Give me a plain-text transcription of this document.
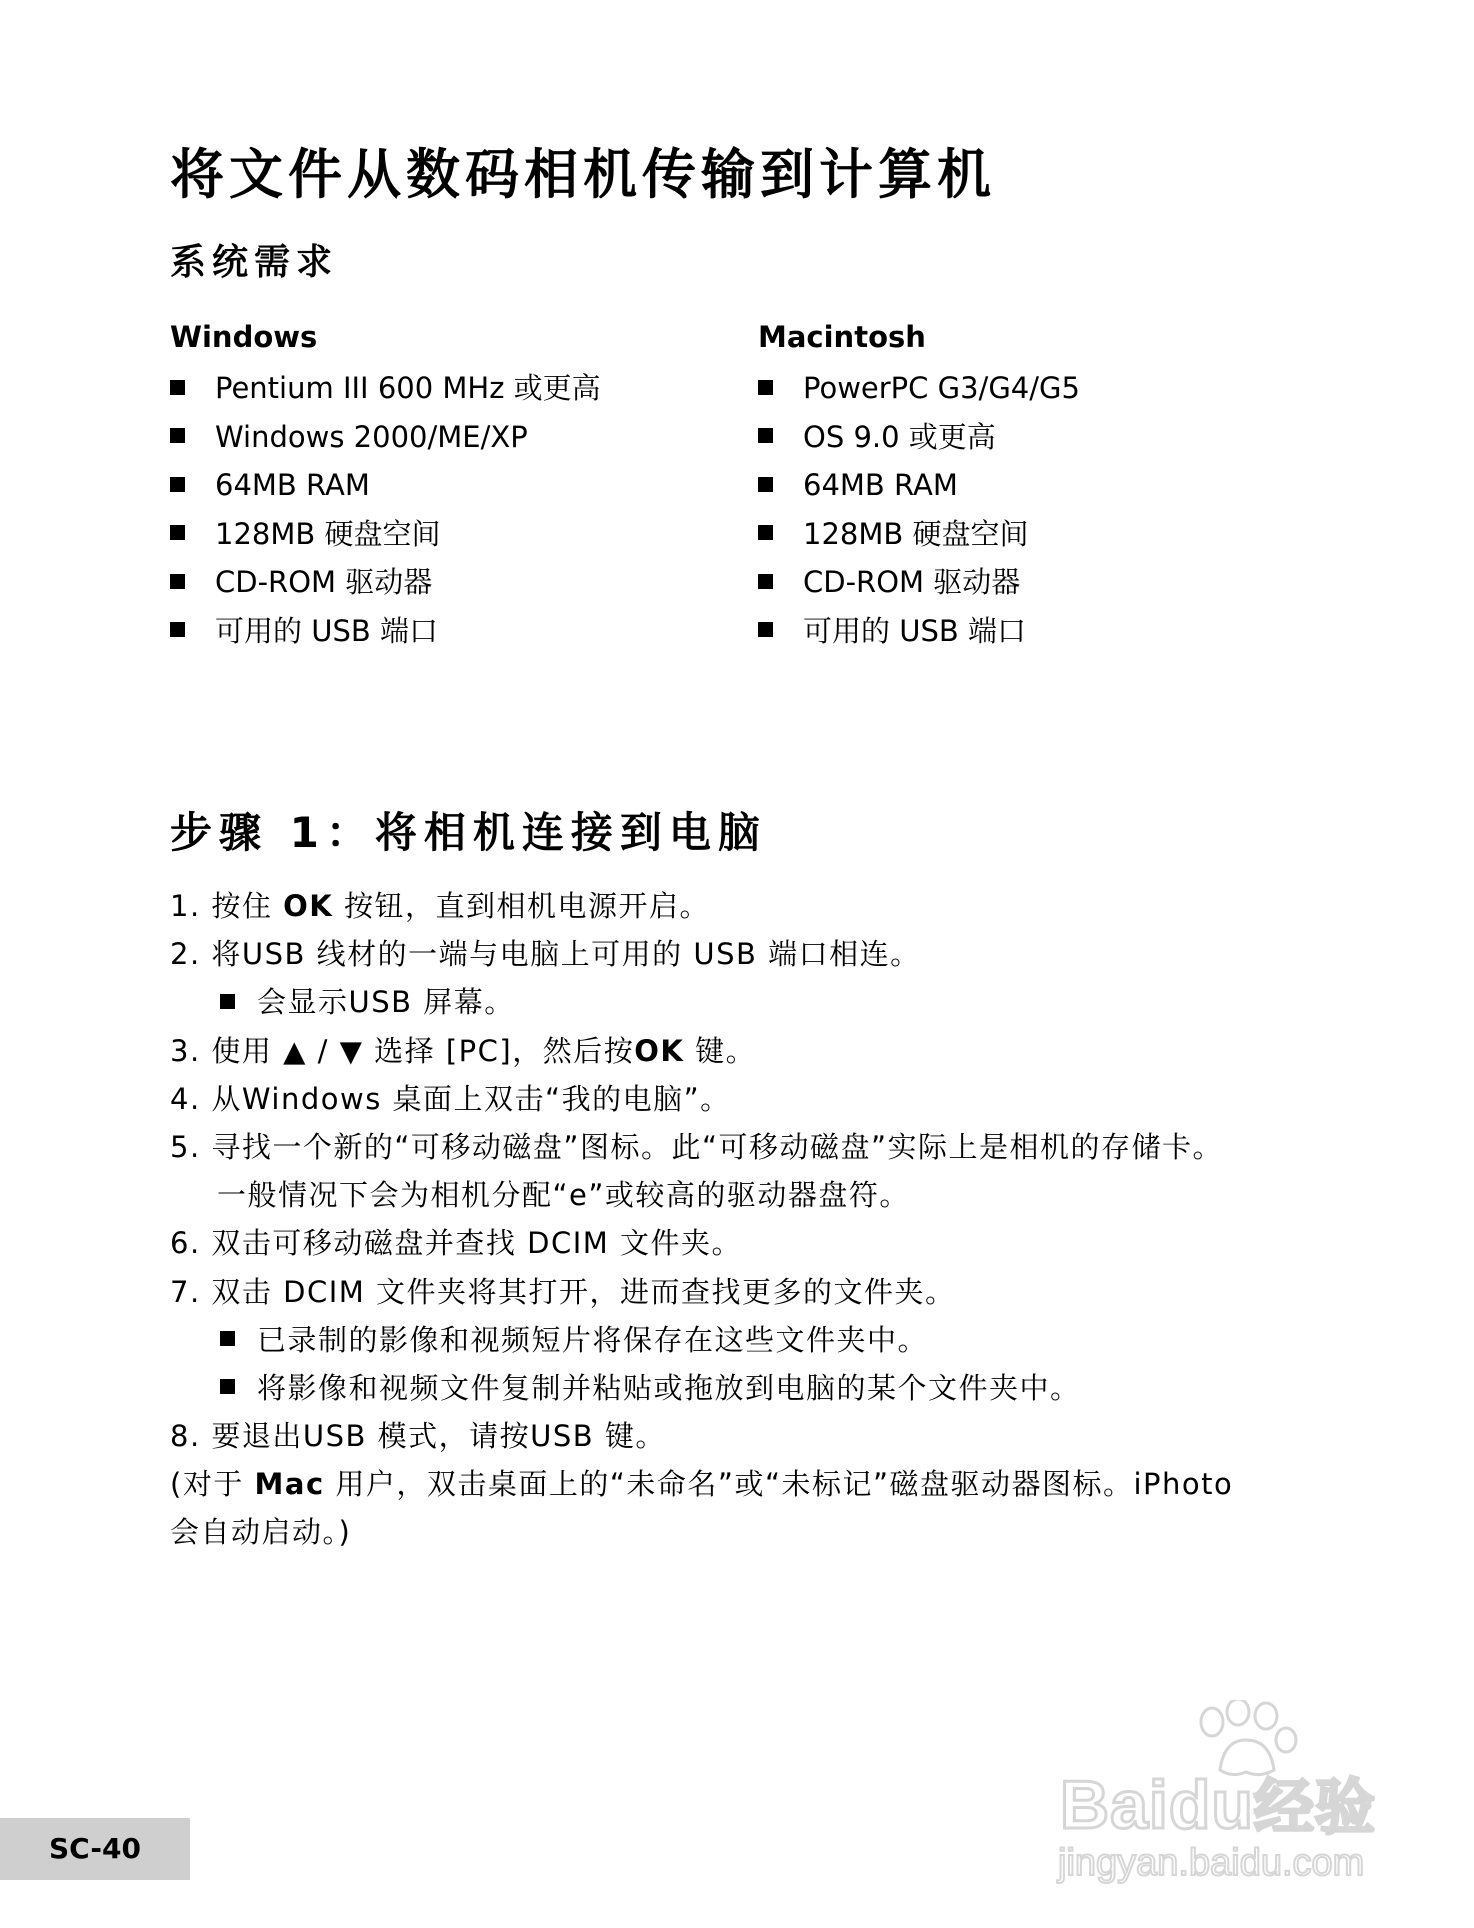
将文件从数码相机传输到计算机
系统需求
Windows
Pentium III 600 MHz 或更高
Windows 2000/ME/XP
64MB RAM
128MB 硬盘空间
CD-ROM 驱动器
可用的 USB 端口
Macintosh
PowerPC G3/G4/G5
OS 9.0 或更高
64MB RAM
128MB 硬盘空间
CD-ROM 驱动器
可用的 USB 端口
步骤 1：将相机连接到电脑
1. 按住 OK 按钮，直到相机电源开启。
2. 将USB 线材的一端与电脑上可用的 USB 端口相连。
会显示USB 屏幕。
3. 使用 ▲ / ▼ 选择 [PC]，然后按OK 键。
4. 从Windows 桌面上双击“我的电脑”。
5. 寻找一个新的“可移动磁盘”图标。此“可移动磁盘”实际上是相机的存储卡。
一般情况下会为相机分配“e”或较高的驱动器盘符。
6. 双击可移动磁盘并查找 DCIM 文件夹。
7. 双击 DCIM 文件夹将其打开，进而查找更多的文件夹。
已录制的影像和视频短片将保存在这些文件夹中。
将影像和视频文件复制并粘贴或拖放到电脑的某个文件夹中。
8. 要退出USB 模式，请按USB 键。
(对于 Mac 用户，双击桌面上的“未命名”或“未标记”磁盘驱动器图标。iPhoto
会自动启动。)
SC-40
Baidu经验
jingyan.baidu.com
